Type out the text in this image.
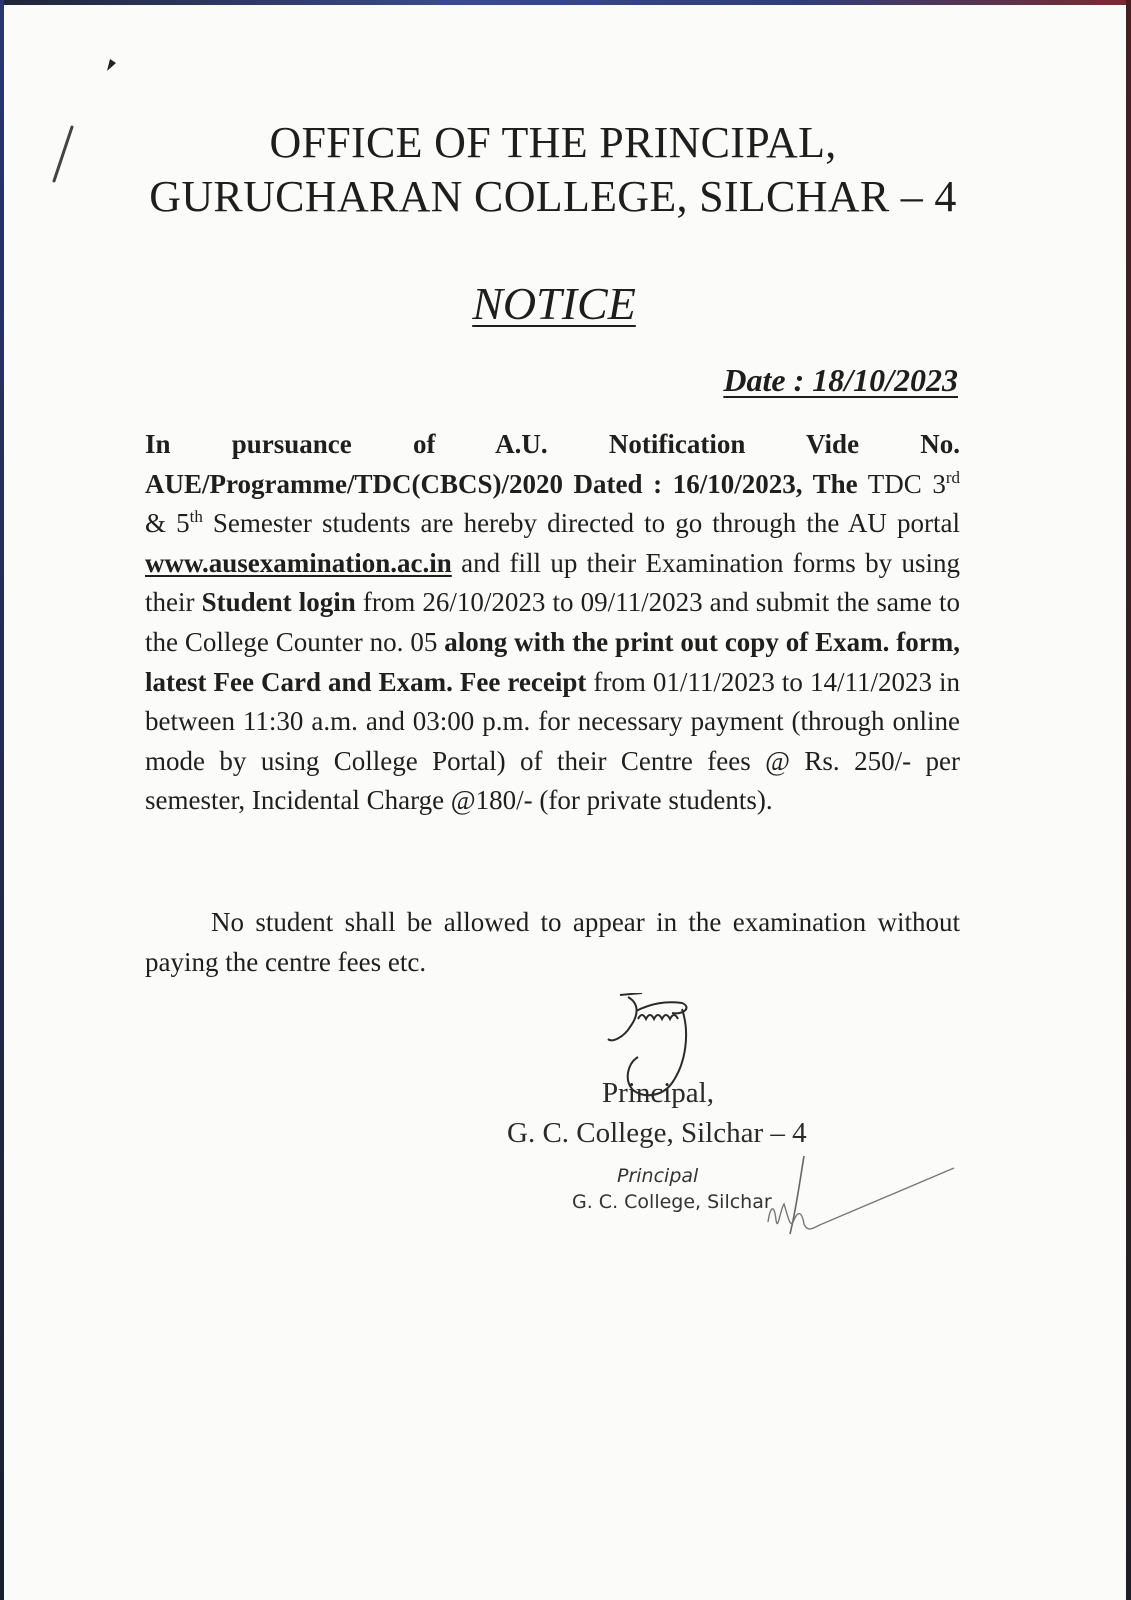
OFFICE OF THE PRINCIPAL,
GURUCHARAN COLLEGE, SILCHAR – 4
NOTICE
Date : 18/10/2023
In pursuance of A.U. Notification Vide No. AUE/Programme/TDC(CBCS)/2020 Dated : 16/10/2023, The TDC 3rd & 5th Semester students are hereby directed to go through the AU portal www.ausexamination.ac.in and fill up their Examination forms by using their Student login from 26/10/2023 to 09/11/2023 and submit the same to the College Counter no. 05 along with the print out copy of Exam. form, latest Fee Card and Exam. Fee receipt from 01/11/2023 to 14/11/2023 in between 11:30 a.m. and 03:00 p.m. for necessary payment (through online mode by using College Portal) of their Centre fees @ Rs. 250/- per semester, Incidental Charge @180/- (for private students).
No student shall be allowed to appear in the examination without paying the centre fees etc.
Principal,
G. C. College, Silchar – 4
Principal
G. C. College, Silchar
